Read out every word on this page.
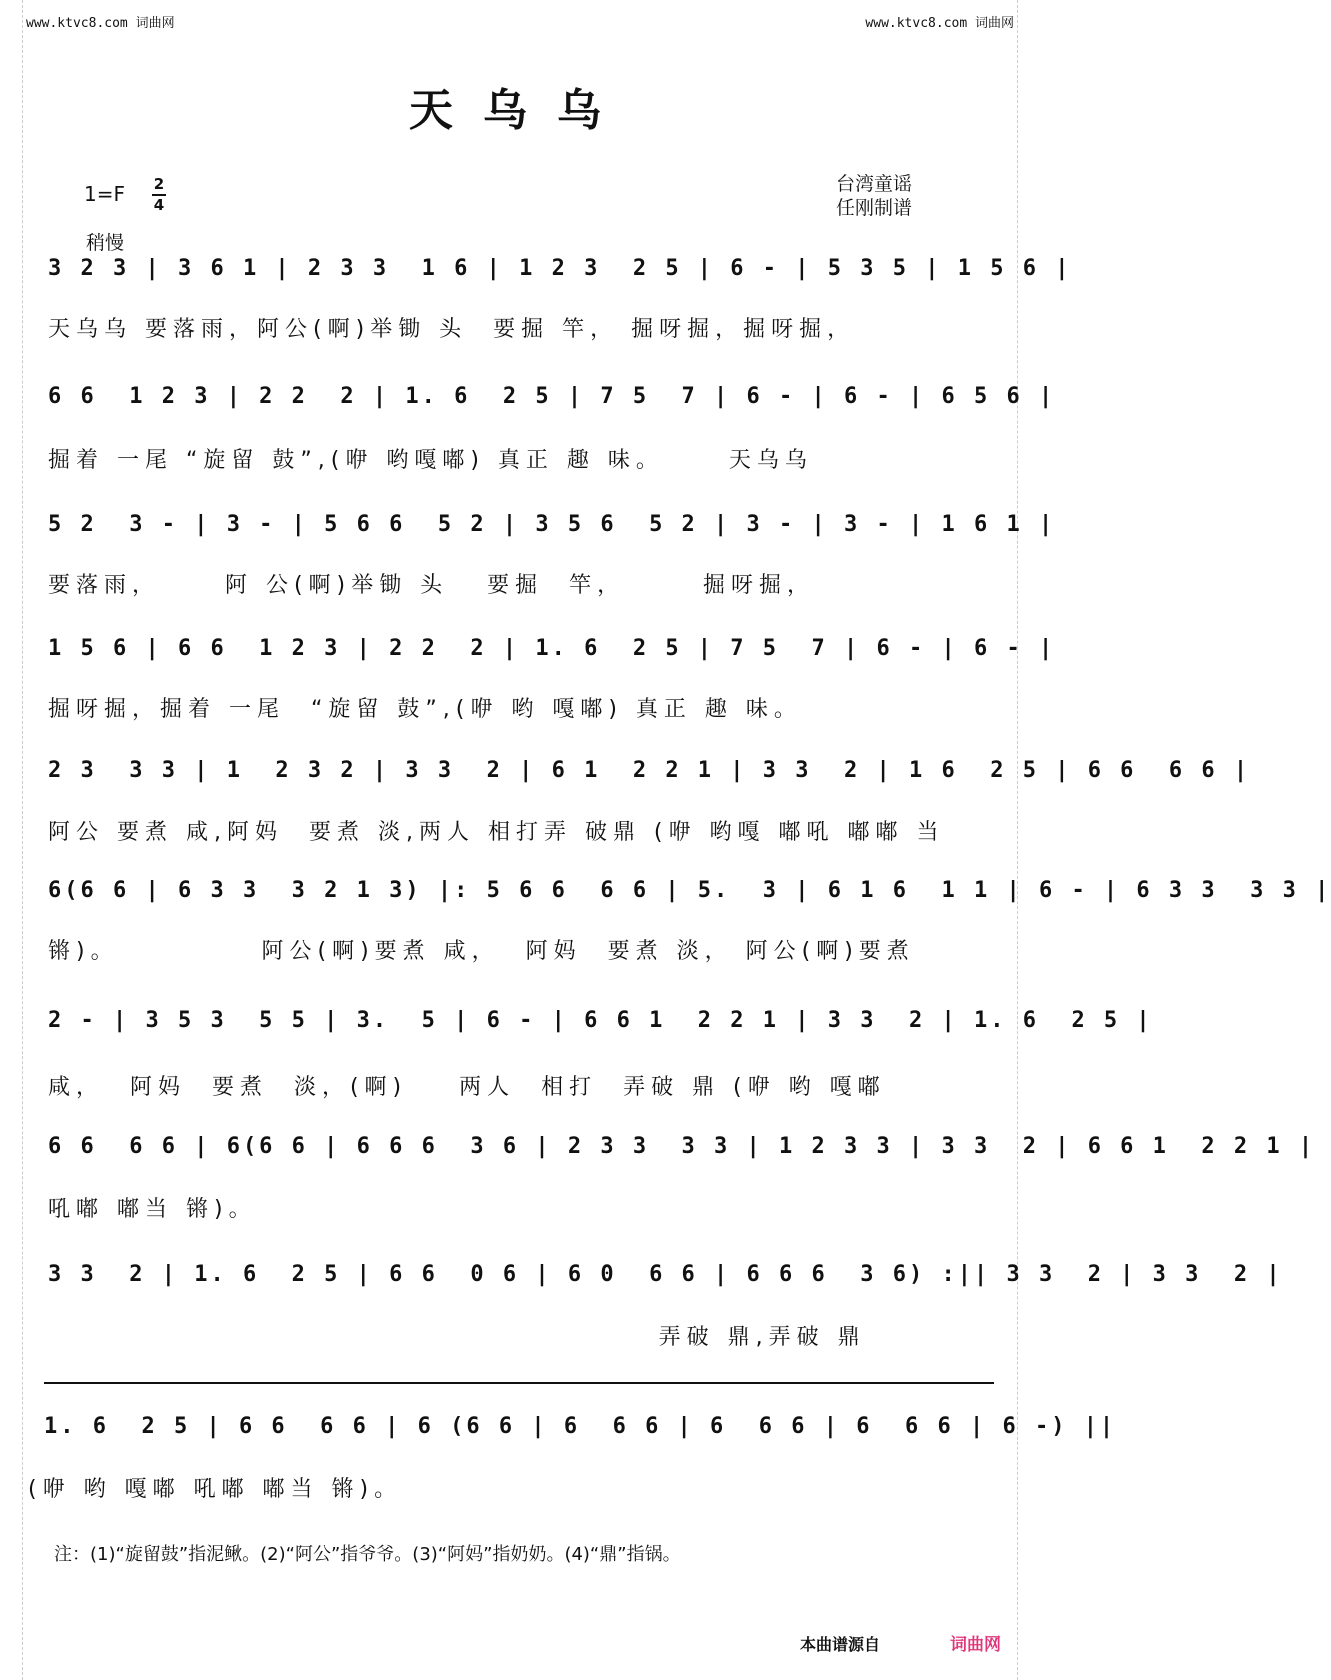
www.ktvc8.com 词曲网	www.ktvc8.com 词曲网
天乌乌
1=F 2
4
稍慢
台湾童谣
任刚制谱
3 2 3 | 3 6 1 | 2 3 3  1 6 | 1 2 3  2 5 | 6 - | 5 3 5 | 1 5 6 |
天乌乌 要落雨，阿公(啊)举锄 头  要掘 竿， 掘呀掘，掘呀掘，
6 6  1 2 3 | 2 2  2 | 1. 6  2 5 | 7 5  7 | 6 - | 6 - | 6 5 6 |
掘着 一尾 “旋留 鼓”,(咿 哟嘎嘟) 真正 趣 味。     天乌乌
5 2  3 - | 3 - | 5 6 6  5 2 | 3 5 6  5 2 | 3 - | 3 - | 1 6 1 |
要落雨，     阿 公(啊)举锄 头   要掘  竿，      掘呀掘，
1 5 6 | 6 6  1 2 3 | 2 2  2 | 1. 6  2 5 | 7 5  7 | 6 - | 6 - |
掘呀掘，掘着 一尾  “旋留 鼓”,(咿 哟 嘎嘟) 真正 趣 味。
2 3  3 3 | 1  2 3 2 | 3 3  2 | 6 1  2 2 1 | 3 3  2 | 1 6  2 5 | 6 6  6 6 |
阿公 要煮 咸,阿妈  要煮 淡,两人 相打弄 破鼎 (咿 哟嘎 嘟吼 嘟嘟 当
6(6 6 | 6 3 3  3 2 1 3) |: 5 6 6  6 6 | 5.  3 | 6 1 6  1 1 | 6 - | 6 3 3  3 3 |
锵)。           阿公(啊)要煮 咸，  阿妈  要煮 淡， 阿公(啊)要煮
2 - | 3 5 3  5 5 | 3.  5 | 6 - | 6 6 1  2 2 1 | 3 3  2 | 1. 6  2 5 |
咸，  阿妈  要煮  淡，(啊)    两人  相打  弄破 鼎 (咿 哟 嘎嘟
6 6  6 6 | 6(6 6 | 6 6 6  3 6 | 2 3 3  3 3 | 1 2 3 3 | 3 3  2 | 6 6 1  2 2 1 |
吼嘟 嘟当 锵)。
3 3  2 | 1. 6  2 5 | 6 6  0 6 | 6 0  6 6 | 6 6 6  3 6) :|| 3 3  2 | 3 3  2 |
弄破 鼎,弄破 鼎
1. 6  2 5 | 6 6  6 6 | 6 (6 6 | 6  6 6 | 6  6 6 | 6  6 6 | 6 -) ||
(咿 哟 嘎嘟 吼嘟 嘟当 锵)。
注：(1)“旋留鼓”指泥鳅。(2)“阿公”指爷爷。(3)“阿妈”指奶奶。(4)“鼎”指锅。
本曲谱源自	词曲网
